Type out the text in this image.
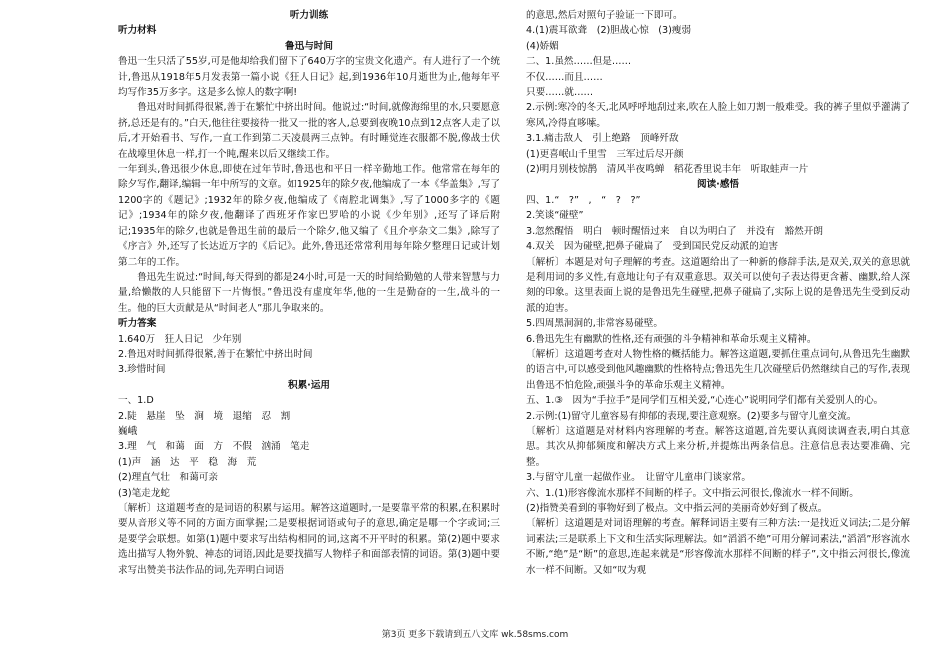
听力训练

听力材料

鲁迅与时间

鲁迅一生只活了55岁,可是他却给我们留下了640万字的宝贵文化遗产。有人进行了一个统计,鲁迅从1918年5月发表第一篇小说《狂人日记》起,到1936年10月逝世为止,他每年平均写作35万多字。这是多么惊人的数字啊!

鲁迅对时间抓得很紧,善于在繁忙中挤出时间。他说过:“时间,就像海绵里的水,只要愿意挤,总还是有的。”白天,他往往要接待一批又一批的客人,总要到夜晚10点到12点客人走了以后,才开始看书、写作,一直工作到第二天凌晨两三点钟。有时睡觉连衣服都不脱,像战士伏在战壕里休息一样,打一个盹,醒来以后又继续工作。

一年到头,鲁迅很少休息,即使在过年节时,鲁迅也和平日一样辛勤地工作。他常常在每年的除夕写作,翻译,编辑一年中所写的文章。如1925年的除夕夜,他编成了一本《华盖集》,写了1200字的《题记》;1932年的除夕夜,他编成了《南腔北调集》,写了1000多字的《题记》;1934年的除夕夜,他翻译了西班牙作家巴罗哈的小说《少年别》,还写了译后附记;1935年的除夕,也就是鲁迅生前的最后一个除夕,他又编了《且介亭杂文二集》,除写了《序言》外,还写了长达近万字的《后记》。此外,鲁迅还常常利用每年除夕整理日记或计划第二年的工作。

鲁迅先生说过:“时间,每天得到的都是24小时,可是一天的时间给勤勉的人带来智慧与力量,给懒散的人只能留下一片悔恨。”鲁迅没有虚度年华,他的一生是勤奋的一生,战斗的一生。他的巨大贡献是从“时间老人”那儿争取来的。

听力答案

1.640万　狂人日记　少年别

2.鲁迅对时间抓得很紧,善于在繁忙中挤出时间

3.珍惜时间

积累·运用

一、1.D

2.陡　悬崖　坠　涧　境　退缩　忍　割

巍峨

3.理　气　和蔼　面　方　不假　汹涌　笔走

(1)声　涵　达　平　稳　海　荒

(2)理直气壮　和蔼可亲

(3)笔走龙蛇

〔解析〕这道题考查的是词语的积累与运用。解答这道题时,一是要靠平常的积累,在积累时要从音形义等不同的方面方面掌握;二是要根据词语或句子的意思,确定是哪一个字或词;三是要学会联想。如第(1)题中要求写出结构相同的词,这离不开平时的积累。第(2)题中要求选出描写人物外貌、神态的词语,因此是要找描写人物样子和面部表情的词语。第(3)题中要求写出赞美书法作品的词,先弄明白词语

的意思,然后对照句子验证一下即可。

4.(1)震耳欲聋　(2)胆战心惊　(3)瘦弱

(4)娇媚

二、1.虽然……但是……

不仅……而且……

只要……就……

2.示例:寒冷的冬天,北风呼呼地刮过来,吹在人脸上如刀割一般难受。我的裤子里似乎灌满了寒风,冷得直哆嗦。

3.1.痛击敌人　引上绝路　顶峰歼敌

(1)更喜岷山千里雪　三军过后尽开颜

(2)明月别枝惊鹊　清风半夜鸣蝉　稻花香里说丰年　听取蛙声一片

阅读·感悟

四、1.“　?”　,　“　?　?”

2.笑谈“碰壁”

3.忽然醒悟　明白　顿时醒悟过来　自以为明白了　并没有　豁然开朗

4.双关　因为碰壁,把鼻子碰扁了　受到国民党反动派的迫害

〔解析〕本题是对句子理解的考查。这道题给出了一种新的修辞手法,是双关,双关的意思就是利用词的多义性,有意地让句子有双重意思。双关可以使句子表达得更含蓄、幽默,给人深刻的印象。这里表面上说的是鲁迅先生碰壁,把鼻子碰扁了,实际上说的是鲁迅先生受到反动派的迫害。

5.四周黑洞洞的,非常容易碰壁。

6.鲁迅先生有幽默的性格,还有顽强的斗争精神和革命乐观主义精神。

〔解析〕这道题考查对人物性格的概括能力。解答这道题,要抓住重点词句,从鲁迅先生幽默的语言中,可以感受到他风趣幽默的性格特点;鲁迅先生几次碰壁后仍然继续自己的写作,表现出鲁迅不怕危险,顽强斗争的革命乐观主义精神。

五、1.③　因为“手拉手”是同学们互相关爱,“心连心”说明同学们都有关爱别人的心。

2.示例:(1)留守儿童容易有抑郁的表现,要注意观察。(2)要多与留守儿童交流。

〔解析〕这道题是对材料内容理解的考查。解答这道题,首先要认真阅读调查表,明白其意思。其次从抑郁频度和解决方式上来分析,并提炼出两条信息。注意信息表达要准确、完整。

3.与留守儿童一起做作业。　让留守儿童串门谈家常。

六、1.(1)形容像流水那样不间断的样子。文中指云河很长,像流水一样不间断。

(2)指赞美看到的事物好到了极点。文中指云河的美丽奇妙好到了极点。

〔解析〕这道题是对词语理解的考查。解释词语主要有三种方法:一是找近义词法;二是分解词素法;三是联系上下文和生活实际理解法。如“滔滔不绝”可用分解词素法,“滔滔”形容流水不断,“绝”是“断”的意思,连起来就是“形容像流水那样不间断的样子”,文中指云河很长,像流水一样不间断。又如“叹为观

第3页 更多下载请到五八文库 wk.58sms.com
